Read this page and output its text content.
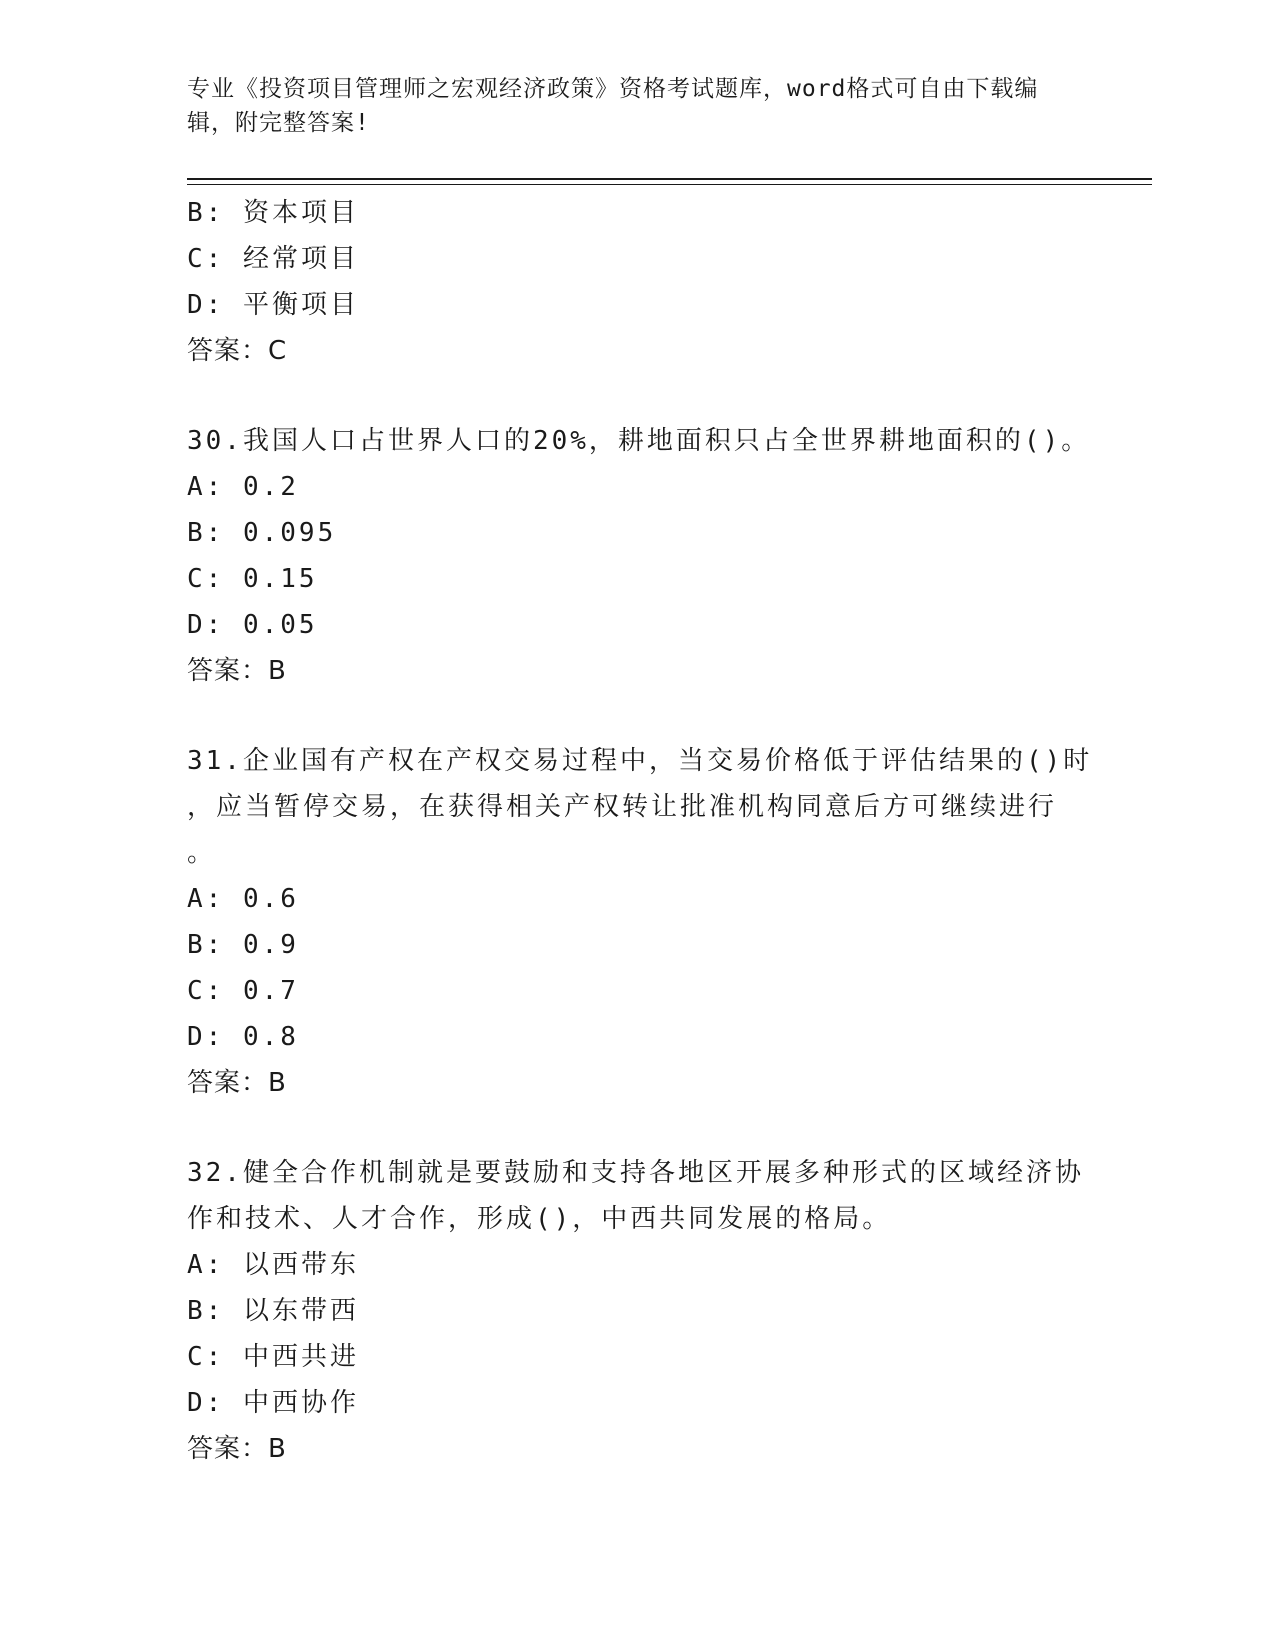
专业《投资项目管理师之宏观经济政策》资格考试题库，word格式可自由下载编
辑，附完整答案!
B: 资本项目
C: 经常项目
D: 平衡项目
答案：C
30.我国人口占世界人口的20%，耕地面积只占全世界耕地面积的()。
A: 0.2
B: 0.095
C: 0.15
D: 0.05
答案：B
31.企业国有产权在产权交易过程中，当交易价格低于评估结果的()时
，应当暂停交易，在获得相关产权转让批准机构同意后方可继续进行
。
A: 0.6
B: 0.9
C: 0.7
D: 0.8
答案：B
32.健全合作机制就是要鼓励和支持各地区开展多种形式的区域经济协
作和技术、人才合作，形成()，中西共同发展的格局。
A: 以西带东
B: 以东带西
C: 中西共进
D: 中西协作
答案：B
